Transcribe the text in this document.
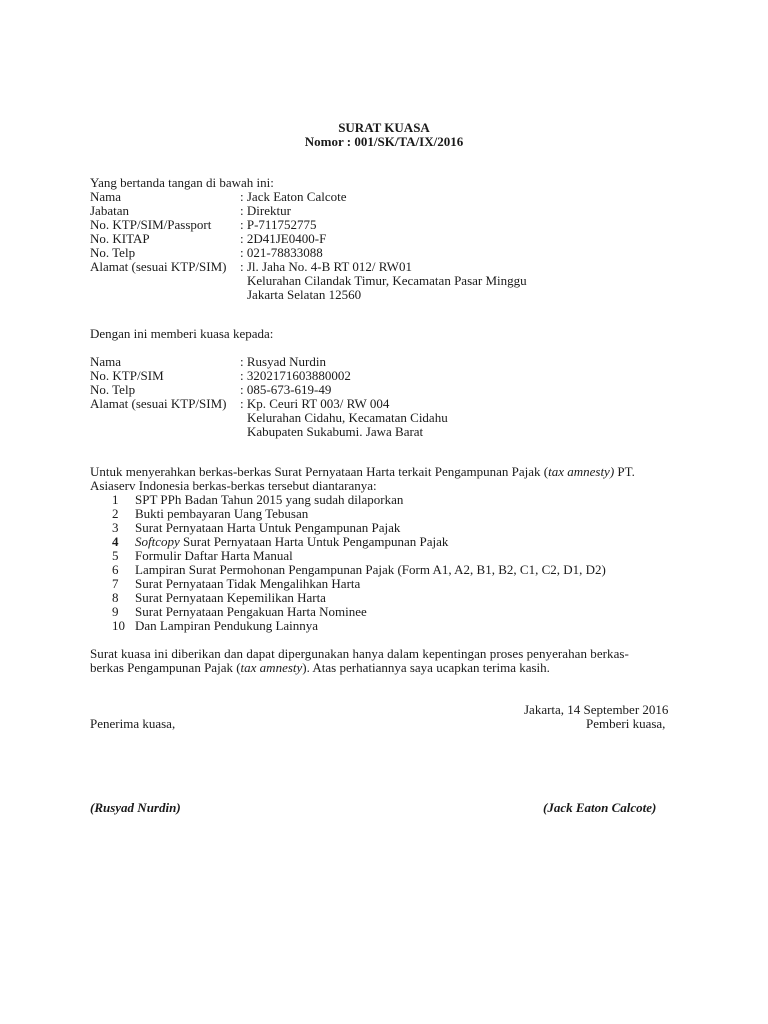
SURAT KUASA
Nomor : 001/SK/TA/IX/2016
Yang bertanda tangan di bawah ini:
Nama	: Jack Eaton Calcote
Jabatan	: Direktur
No. KTP/SIM/Passport : P-711752775
No. KITAP	: 2D41JE0400-F
No. Telp	: 021-78833088
Alamat (sesuai KTP/SIM) : Jl. Jaha No. 4-B RT 012/ RW01
Kelurahan Cilandak Timur, Kecamatan Pasar Minggu
Jakarta Selatan 12560
Dengan ini memberi kuasa kepada:
Nama	: Rusyad Nurdin
No. KTP/SIM	: 3202171603880002
No. Telp	: 085-673-619-49
Alamat (sesuai KTP/SIM) : Kp. Ceuri RT 003/ RW 004
Kelurahan Cidahu, Kecamatan Cidahu
Kabupaten Sukabumi. Jawa Barat
Untuk menyerahkan berkas-berkas Surat Pernyataan Harta terkait Pengampunan Pajak (tax amnesty) PT.
Asiaserv Indonesia berkas-berkas tersebut diantaranya:
1	SPT PPh Badan Tahun 2015 yang sudah dilaporkan
2	Bukti pembayaran Uang Tebusan
3	Surat Pernyataan Harta Untuk Pengampunan Pajak
4	Softcopy Surat Pernyataan Harta Untuk Pengampunan Pajak
5	Formulir Daftar Harta Manual
6	Lampiran Surat Permohonan Pengampunan Pajak (Form A1, A2, B1, B2, C1, C2, D1, D2)
7	Surat Pernyataan Tidak Mengalihkan Harta
8	Surat Pernyataan Kepemilikan Harta
9	Surat Pernyataan Pengakuan Harta Nominee
10 Dan Lampiran Pendukung Lainnya
Surat kuasa ini diberikan dan dapat dipergunakan hanya dalam kepentingan proses penyerahan berkas-
berkas Pengampunan Pajak (tax amnesty). Atas perhatiannya saya ucapkan terima kasih.
Jakarta, 14 September 2016
Penerima kuasa,	Pemberi kuasa,
(Rusyad Nurdin)	(Jack Eaton Calcote)
